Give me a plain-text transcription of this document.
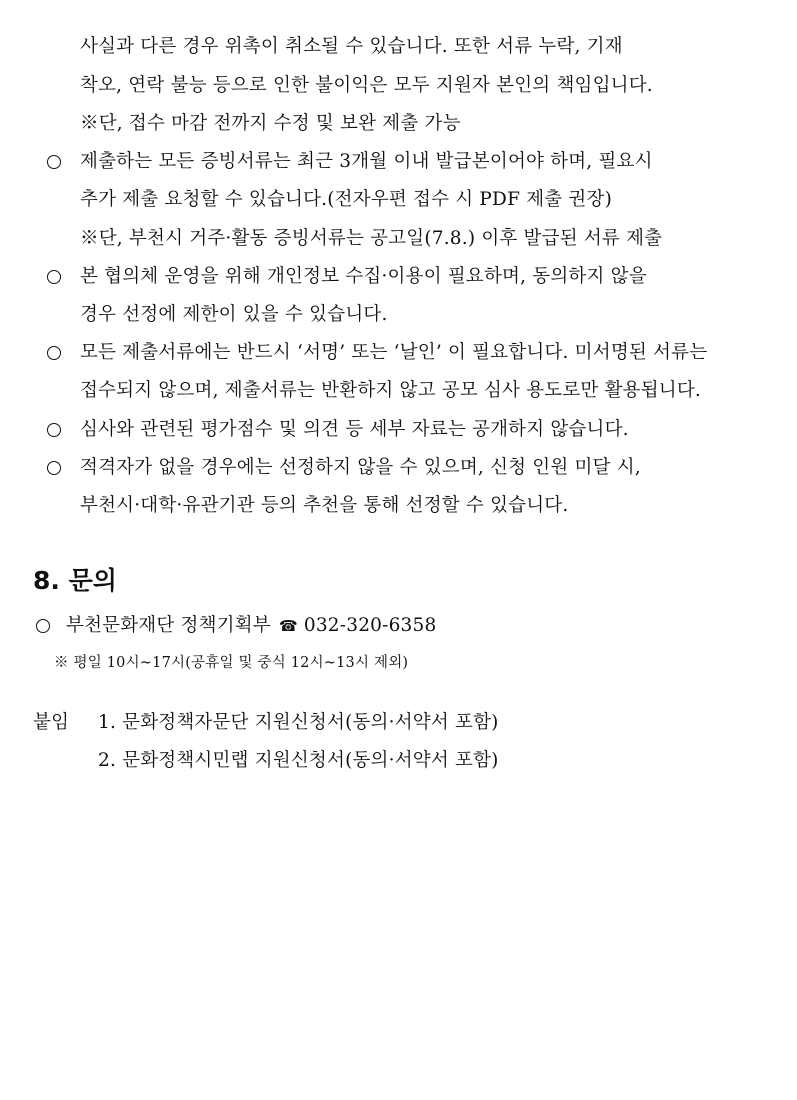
사실과 다른 경우 위촉이 취소될 수 있습니다. 또한 서류 누락, 기재
착오, 연락 불능 등으로 인한 불이익은 모두 지원자 본인의 책임입니다.
※단, 접수 마감 전까지 수정 및 보완 제출 가능
제출하는 모든 증빙서류는 최근 3개월 이내 발급본이어야 하며, 필요시
추가 제출 요청할 수 있습니다.(전자우편 접수 시 PDF 제출 권장)
※단, 부천시 거주·활동 증빙서류는 공고일(7.8.) 이후 발급된 서류 제출
본 협의체 운영을 위해 개인정보 수집·이용이 필요하며, 동의하지 않을
경우 선정에 제한이 있을 수 있습니다.
모든 제출서류에는 반드시 ‘서명’ 또는 ‘날인’ 이 필요합니다. 미서명된 서류는
접수되지 않으며, 제출서류는 반환하지 않고 공모 심사 용도로만 활용됩니다.
심사와 관련된 평가점수 및 의견 등 세부 자료는 공개하지 않습니다.
적격자가 없을 경우에는 선정하지 않을 수 있으며, 신청 인원 미달 시,
부천시·대학·유관기관 등의 추천을 통해 선정할 수 있습니다.
8. 문의
부천문화재단 정책기획부 ☎ 032-320-6358
※ 평일 10시~17시(공휴일 및 중식 12시~13시 제외)
붙임 1. 문화정책자문단 지원신청서(동의·서약서 포함)
2. 문화정책시민랩 지원신청서(동의·서약서 포함)
